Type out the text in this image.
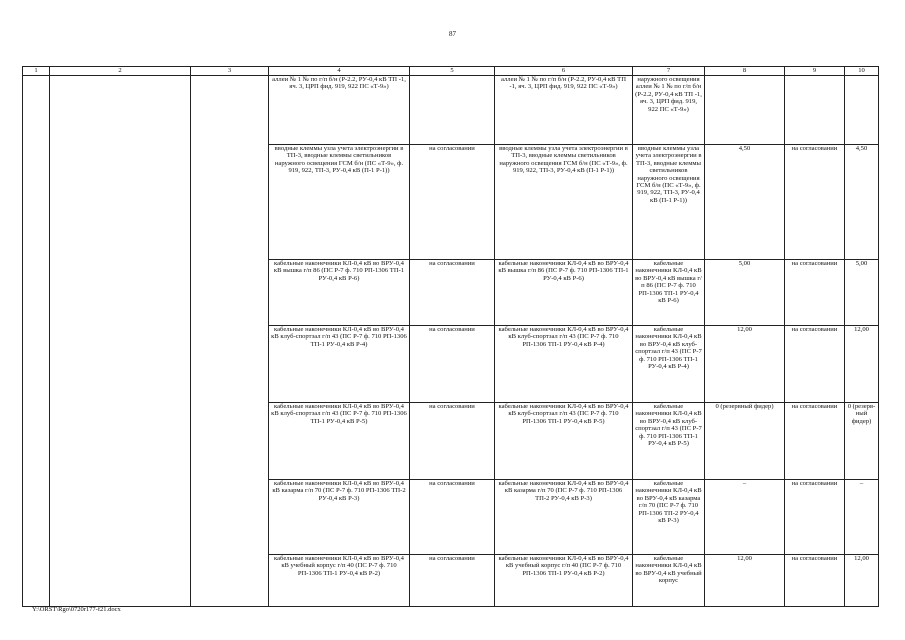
87
1	2	3	4	5	6	7	8	9	10
			аллеи № 1 № по г/п б/н (Р-2.2, РУ-0,4 кВ ТП -1, яч. 3, ЦРП фид. 919, 922 ПС «Т-9»)		аллеи № 1 № по г/п б/н (Р-2.2, РУ-0,4 кВ ТП -1, яч. 3, ЦРП фид. 919, 922 ПС «Т-9»)	наружного освещения аллеи № 1 № по г/п б/н (Р-2.2, РУ-0,4 кВ ТП -1, яч. 3, ЦРП фид. 919, 922 ПС «Т-9»)			
			вводные клеммы узла учета электроэнергии в ТП-3, вводные клеммы светильников наружного освещения ГСМ б/н (ПС «Т-9», ф. 919, 922, ТП-3, РУ-0,4 кВ (П-1 Р-1))	на согласовании	вводные клеммы узла учета электроэнергии в ТП-3, вводные клеммы светильников наружного освещения ГСМ б/н (ПС «Т-9», ф. 919, 922, ТП-3, РУ-0,4 кВ (П-1 Р-1))	вводные клеммы узла учета электроэнергии в ТП-3, вводные клеммы светильников наружного освещения ГСМ б/н (ПС «Т-9», ф. 919, 922, ТП-3, РУ-0,4 кВ (П-1 Р-1))	4,50	на согласовании	4,50
			кабельные наконечники КЛ-0,4 кВ во ВРУ-0,4 кВ вышка г/п 86 (ПС Р-7 ф. 710 РП-1306 ТП-1 РУ-0,4 кВ Р-6)	на согласовании	кабельные наконечники КЛ-0,4 кВ во ВРУ-0,4 кВ вышка г/п 86 (ПС Р-7 ф. 710 РП-1306 ТП-1 РУ-0,4 кВ Р-6)	кабельные наконечники КЛ-0,4 кВ во ВРУ-0,4 кВ вышка г/п 86 (ПС Р-7 ф. 710 РП-1306 ТП-1 РУ-0,4 кВ Р-6)	5,00	на согласовании	5,00
			кабельные наконечники КЛ-0,4 кВ во ВРУ-0,4 кВ клуб-спортзал г/п 43 (ПС Р-7 ф. 710 РП-1306 ТП-1 РУ-0,4 кВ Р-4)	на согласовании	кабельные наконечники КЛ-0,4 кВ во ВРУ-0,4 кВ клуб-спортзал г/п 43 (ПС Р-7 ф. 710 РП-1306 ТП-1 РУ-0,4 кВ Р-4)	кабельные наконечники КЛ-0,4 кВ во ВРУ-0,4 кВ клуб-спортзал г/п 43 (ПС Р-7 ф. 710 РП-1306 ТП-1 РУ-0,4 кВ Р-4)	12,00	на согласовании	12,00
			кабельные наконечники КЛ-0,4 кВ во ВРУ-0,4 кВ клуб-спортзал г/п 43 (ПС Р-7 ф. 710 РП-1306 ТП-1 РУ-0,4 кВ Р-5)	на согласовании	кабельные наконечники КЛ-0,4 кВ во ВРУ-0,4 кВ клуб-спортзал г/п 43 (ПС Р-7 ф. 710 РП-1306 ТП-1 РУ-0,4 кВ Р-5)	кабельные наконечники КЛ-0,4 кВ во ВРУ-0,4 кВ клуб-спортзал г/п 43 (ПС Р-7 ф. 710 РП-1306 ТП-1 РУ-0,4 кВ Р-5)	0 (резервный фидер)	на согласовании	0 (резерв-ный фидер)
			кабельные наконечники КЛ-0,4 кВ во ВРУ-0,4 кВ казарма г/п 70 (ПС Р-7 ф. 710 РП-1306 ТП-2 РУ-0,4 кВ Р-3)	на согласовании	кабельные наконечники КЛ-0,4 кВ во ВРУ-0,4 кВ казарма г/п 70 (ПС Р-7 ф. 710 РП-1306 ТП-2 РУ-0,4 кВ Р-3)	кабельные наконечники КЛ-0,4 кВ во ВРУ-0,4 кВ казарма г/п 70 (ПС Р-7 ф. 710 РП-1306 ТП-2 РУ-0,4 кВ Р-3)	–	на согласовании	–
			кабельные наконечники КЛ-0,4 кВ во ВРУ-0,4 кВ учебный корпус г/п 40 (ПС Р-7 ф. 710 РП-1306 ТП-1 РУ-0,4 кВ Р-2)	на согласовании	кабельные наконечники КЛ-0,4 кВ во ВРУ-0,4 кВ учебный корпус г/п 40 (ПС Р-7 ф. 710 РП-1306 ТП-1 РУ-0,4 кВ Р-2)	кабельные наконечники КЛ-0,4 кВ во ВРУ-0,4 кВ учебный корпус	12,00	на согласовании	12,00
Y:\ORST\Rgo\0720r177-f21.docx
